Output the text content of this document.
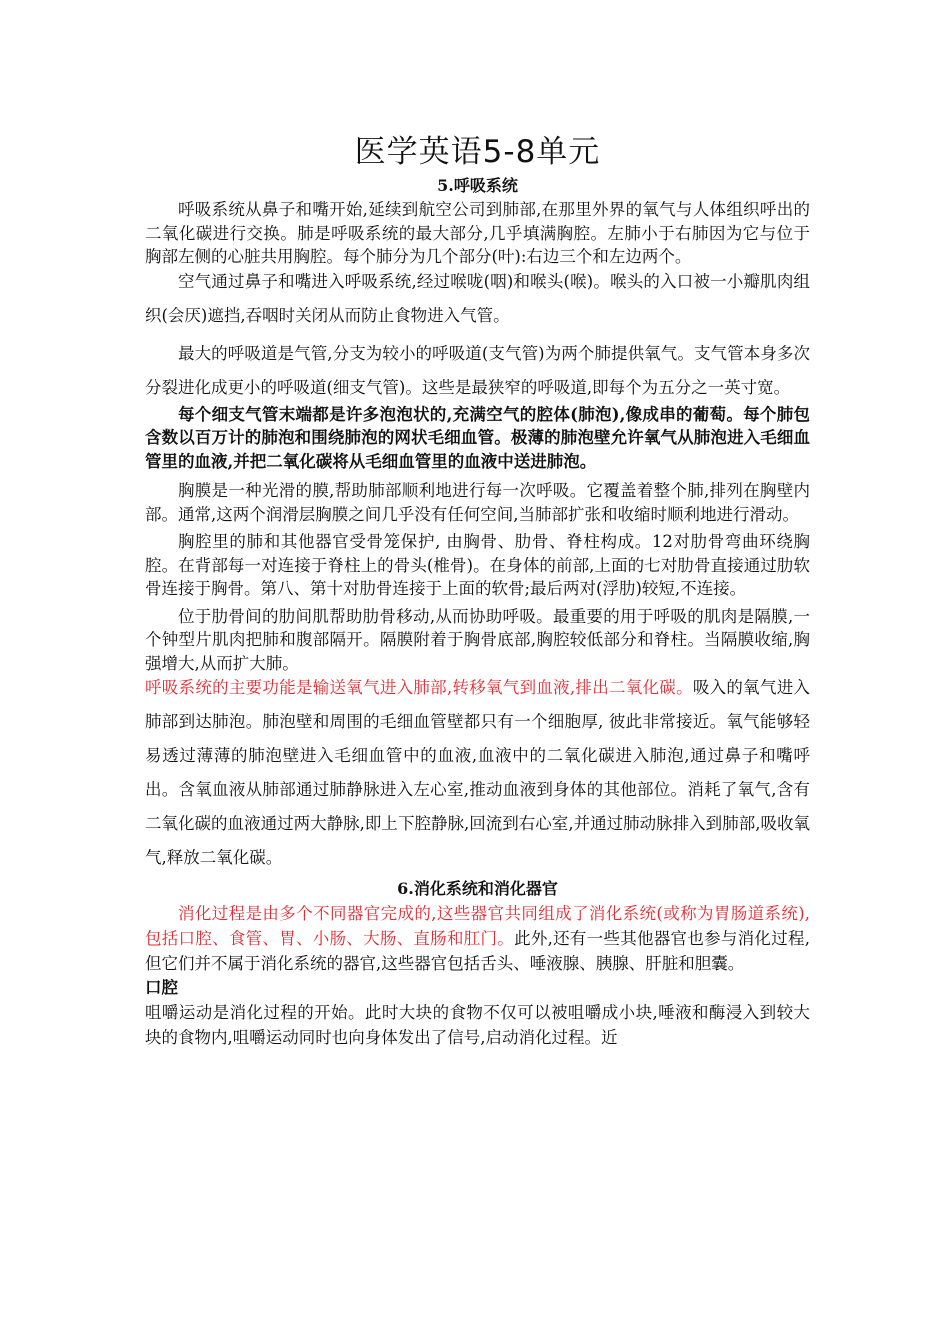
医学英语5-8单元
5.呼吸系统

呼吸系统从鼻子和嘴开始,延续到航空公司到肺部,在那里外界的氧气与人体组织呼出的二氧化碳进行交换。肺是呼吸系统的最大部分,几乎填满胸腔。左肺小于右肺因为它与位于胸部左侧的心脏共用胸腔。每个肺分为几个部分(叶):右边三个和左边两个。

空气通过鼻子和嘴进入呼吸系统,经过喉咙(咽)和喉头(喉)。喉头的入口被一小瓣肌肉组织(会厌)遮挡,吞咽时关闭从而防止食物进入气管。

最大的呼吸道是气管,分支为较小的呼吸道(支气管)为两个肺提供氧气。支气管本身多次分裂进化成更小的呼吸道(细支气管)。这些是最狭窄的呼吸道,即每个为五分之一英寸宽。

每个细支气管末端都是许多泡泡状的,充满空气的腔体(肺泡),像成串的葡萄。每个肺包含数以百万计的肺泡和围绕肺泡的网状毛细血管。极薄的肺泡壁允许氧气从肺泡进入毛细血管里的血液,并把二氧化碳将从毛细血管里的血液中送进肺泡。

胸膜是一种光滑的膜,帮助肺部顺利地进行每一次呼吸。它覆盖着整个肺,排列在胸壁内部。通常,这两个润滑层胸膜之间几乎没有任何空间,当肺部扩张和收缩时顺利地进行滑动。

胸腔里的肺和其他器官受骨笼保护, 由胸骨、肋骨、脊柱构成。12对肋骨弯曲环绕胸腔。在背部每一对连接于脊柱上的骨头(椎骨)。在身体的前部,上面的七对肋骨直接通过肋软骨连接于胸骨。第八、第十对肋骨连接于上面的软骨;最后两对(浮肋)较短,不连接。

位于肋骨间的肋间肌帮助肋骨移动,从而协助呼吸。最重要的用于呼吸的肌肉是隔膜,一个钟型片肌肉把肺和腹部隔开。隔膜附着于胸骨底部,胸腔较低部分和脊柱。当隔膜收缩,胸强增大,从而扩大肺。

呼吸系统的主要功能是输送氧气进入肺部,转移氧气到血液,排出二氧化碳。吸入的氧气进入肺部到达肺泡。肺泡壁和周围的毛细血管壁都只有一个细胞厚, 彼此非常接近。氧气能够轻易透过薄薄的肺泡壁进入毛细血管中的血液,血液中的二氧化碳进入肺泡,通过鼻子和嘴呼出。含氧血液从肺部通过肺静脉进入左心室,推动血液到身体的其他部位。消耗了氧气,含有二氧化碳的血液通过两大静脉,即上下腔静脉,回流到右心室,并通过肺动脉排入到肺部,吸收氧气,释放二氧化碳。

6.消化系统和消化器官

消化过程是由多个不同器官完成的,这些器官共同组成了消化系统(或称为胃肠道系统),包括口腔、食管、胃、小肠、大肠、直肠和肛门。此外,还有一些其他器官也参与消化过程,但它们并不属于消化系统的器官,这些器官包括舌头、唾液腺、胰腺、肝脏和胆囊。

口腔

咀嚼运动是消化过程的开始。此时大块的食物不仅可以被咀嚼成小块,唾液和酶浸入到较大块的食物内,咀嚼运动同时也向身体发出了信号,启动消化过程。近
